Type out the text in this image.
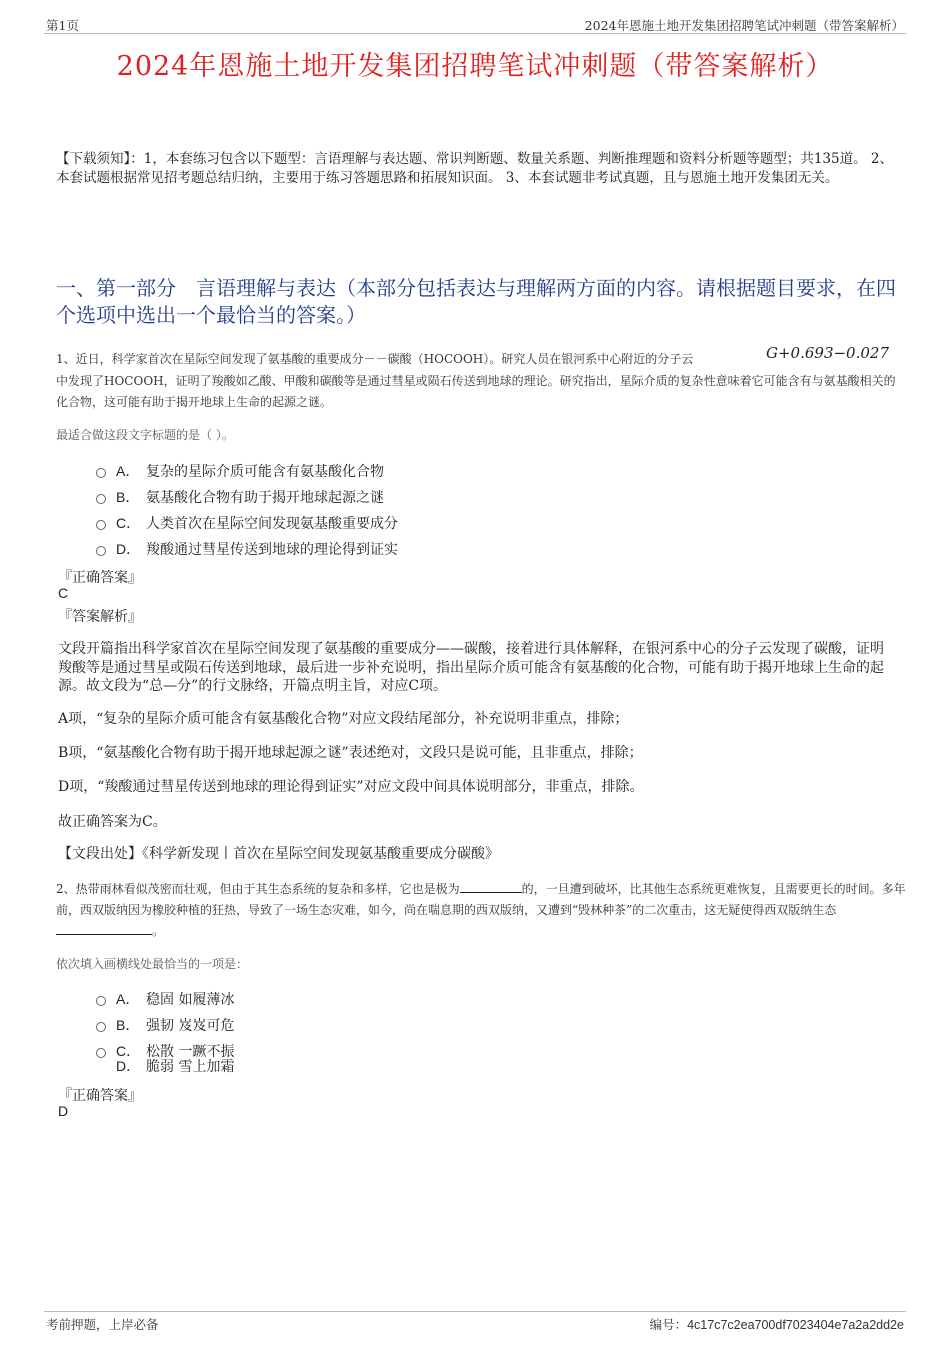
第1页	2024年恩施土地开发集团招聘笔试冲刺题（带答案解析）
2024年恩施土地开发集团招聘笔试冲刺题（带答案解析）
【下载须知】：1，本套练习包含以下题型：言语理解与表达题、常识判断题、数量关系题、判断推理题和资料分析题等题型；共135道。 2、本套试题根据常见招考题总结归纳，主要用于练习答题思路和拓展知识面。 3、本套试题非考试真题，且与恩施土地开发集团无关。
一、第一部分　言语理解与表达（本部分包括表达与理解两方面的内容。请根据题目要求，在四个选项中选出一个最恰当的答案。）
1、近日，科学家首次在星际空间发现了氨基酸的重要成分－－碳酸（HOCOOH）。研究人员在银河系中心附近的分子云	G+0.693−0.027
中发现了HOCOOH，证明了羧酸如乙酸、甲酸和碳酸等是通过彗星或陨石传送到地球的理论。研究指出，星际介质的复杂性意味着它可能含有与氨基酸相关的化合物，这可能有助于揭开地球上生命的起源之谜。
最适合做这段文字标题的是（ ）。
A． 复杂的星际介质可能含有氨基酸化合物
B． 氨基酸化合物有助于揭开地球起源之谜
C． 人类首次在星际空间发现氨基酸重要成分
D． 羧酸通过彗星传送到地球的理论得到证实
『正确答案』
C
『答案解析』
文段开篇指出科学家首次在星际空间发现了氨基酸的重要成分——碳酸，接着进行具体解释，在银河系中心的分子云发现了碳酸，证明羧酸等是通过彗星或陨石传送到地球，最后进一步补充说明，指出星际介质可能含有氨基酸的化合物，可能有助于揭开地球上生命的起源。故文段为“总—分”的行文脉络，开篇点明主旨，对应C项。
A项，“复杂的星际介质可能含有氨基酸化合物”对应文段结尾部分，补充说明非重点，排除；
B项，“氨基酸化合物有助于揭开地球起源之谜”表述绝对，文段只是说可能，且非重点，排除；
D项，“羧酸通过彗星传送到地球的理论得到证实”对应文段中间具体说明部分，非重点，排除。
故正确答案为C。
【文段出处】《科学新发现丨首次在星际空间发现氨基酸重要成分碳酸》
2、热带雨林看似茂密而壮观，但由于其生态系统的复杂和多样，它也是极为	的，一旦遭到破坏，比其他生态系统更难恢复，且需要更长的时间。多年前，西双版纳因为橡胶种植的狂热，导致了一场生态灾难，如今，尚在喘息期的西双版纳，又遭到“毁林种茶”的二次重击，这无疑使得西双版纳生态。
依次填入画横线处最恰当的一项是：
A． 稳固 如履薄冰
B． 强韧 岌岌可危
C． 松散 一蹶不振
D． 脆弱 雪上加霜
『正确答案』
D
考前押题，上岸必备	编号：4c17c7c2ea700df7023404e7a2a2dd2e
